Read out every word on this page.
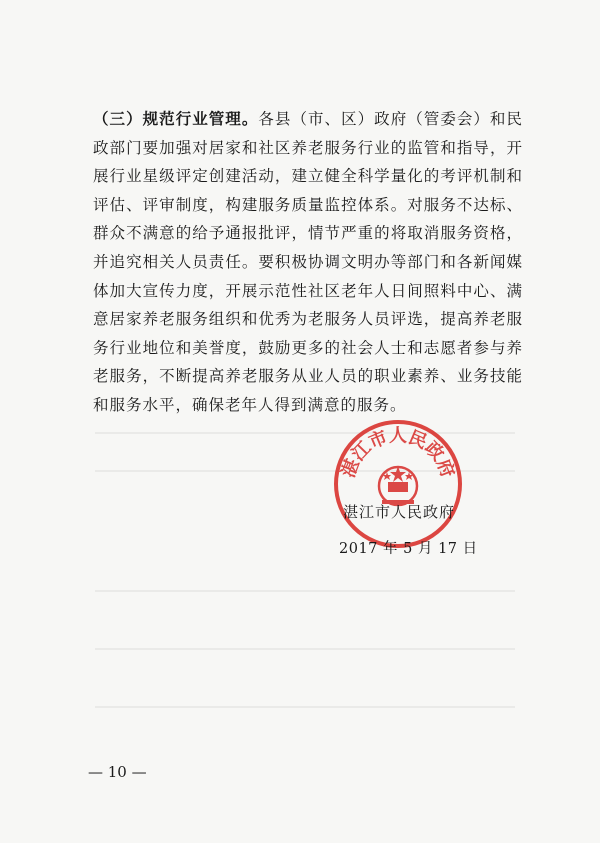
（三）规范行业管理。各县（市、区）政府（管委会）和民政部门要加强对居家和社区养老服务行业的监管和指导，开展行业星级评定创建活动，建立健全科学量化的考评机制和评估、评审制度，构建服务质量监控体系。对服务不达标、群众不满意的给予通报批评，情节严重的将取消服务资格，并追究相关人员责任。要积极协调文明办等部门和各新闻媒体加大宣传力度，开展示范性社区老年人日间照料中心、满意居家养老服务组织和优秀为老服务人员评选，提高养老服务行业地位和美誉度，鼓励更多的社会人士和志愿者参与养老服务，不断提高养老服务从业人员的职业素养、业务技能和服务水平，确保老年人得到满意的服务。

湛江市人民政府
湛江市人民政府
2017 年 5 月 17 日
— 10 —
